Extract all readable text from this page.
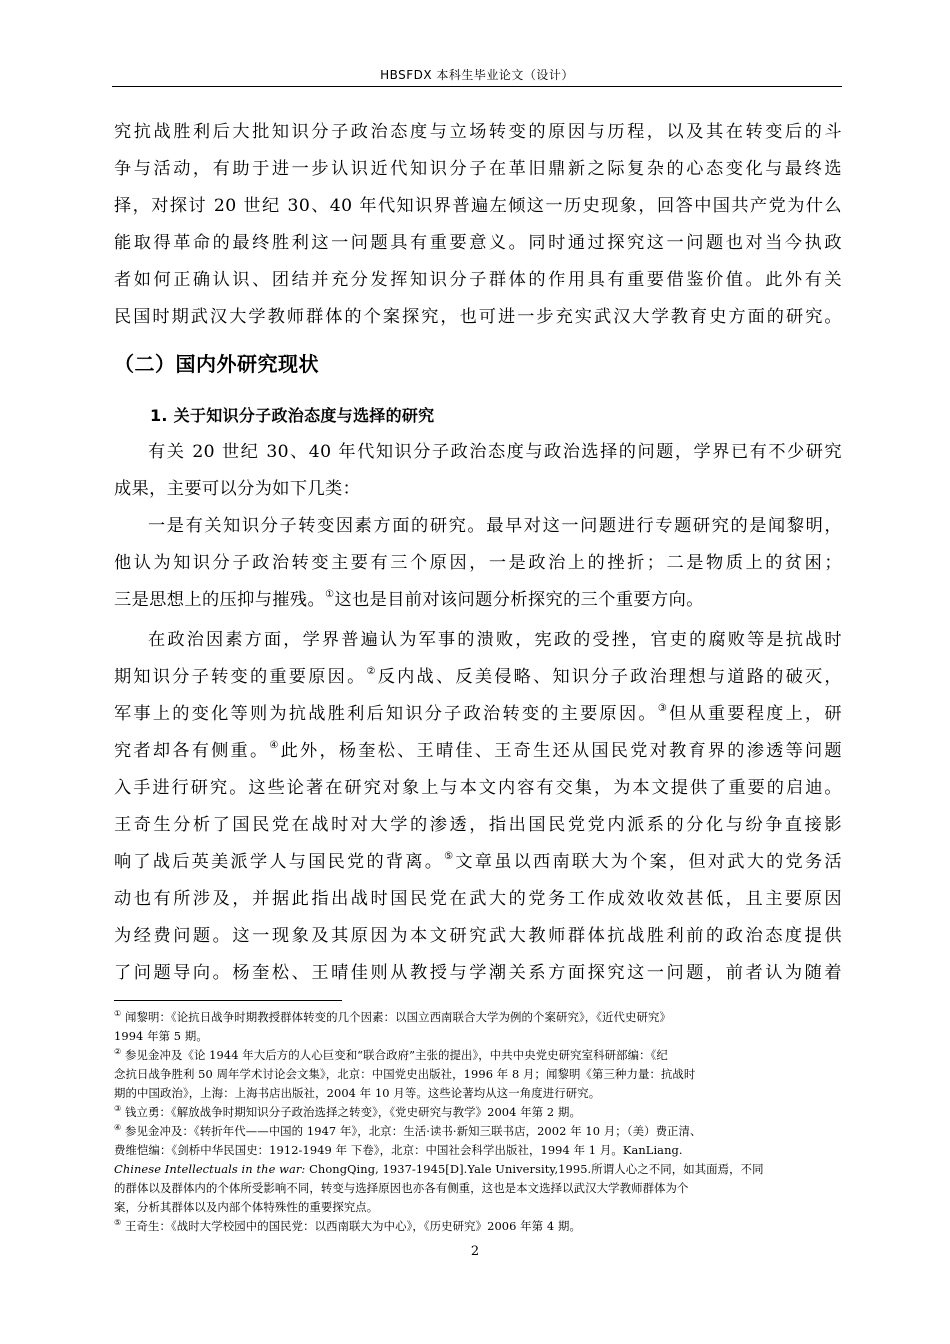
HBSFDX 本科生毕业论文（设计）
究抗战胜利后大批知识分子政治态度与立场转变的原因与历程，以及其在转变后的斗
争与活动，有助于进一步认识近代知识分子在革旧鼎新之际复杂的心态变化与最终选
择，对探讨 20 世纪 30、40 年代知识界普遍左倾这一历史现象，回答中国共产党为什么
能取得革命的最终胜利这一问题具有重要意义。同时通过探究这一问题也对当今执政
者如何正确认识、团结并充分发挥知识分子群体的作用具有重要借鉴价值。此外有关
民国时期武汉大学教师群体的个案探究，也可进一步充实武汉大学教育史方面的研究。
（二）国内外研究现状
1. 关于知识分子政治态度与选择的研究
有关 20 世纪 30、40 年代知识分子政治态度与政治选择的问题，学界已有不少研究
成果，主要可以分为如下几类：
一是有关知识分子转变因素方面的研究。最早对这一问题进行专题研究的是闻黎明，
他认为知识分子政治转变主要有三个原因，一是政治上的挫折；二是物质上的贫困；
三是思想上的压抑与摧残。①这也是目前对该问题分析探究的三个重要方向。
在政治因素方面，学界普遍认为军事的溃败，宪政的受挫，官吏的腐败等是抗战时
期知识分子转变的重要原因。②反内战、反美侵略、知识分子政治理想与道路的破灭，
军事上的变化等则为抗战胜利后知识分子政治转变的主要原因。③但从重要程度上，研
究者却各有侧重。④此外，杨奎松、王晴佳、王奇生还从国民党对教育界的渗透等问题
入手进行研究。这些论著在研究对象上与本文内容有交集，为本文提供了重要的启迪。
王奇生分析了国民党在战时对大学的渗透，指出国民党党内派系的分化与纷争直接影
响了战后英美派学人与国民党的背离。⑤文章虽以西南联大为个案，但对武大的党务活
动也有所涉及，并据此指出战时国民党在武大的党务工作成效收效甚低，且主要原因
为经费问题。这一现象及其原因为本文研究武大教师群体抗战胜利前的政治态度提供
了问题导向。杨奎松、王晴佳则从教授与学潮关系方面探究这一问题，前者认为随着
① 闻黎明：《论抗日战争时期教授群体转变的几个因素：以国立西南联合大学为例的个案研究》，《近代史研究》
1994 年第 5 期。
② 参见金冲及《论 1944 年大后方的人心巨变和“联合政府”主张的提出》，中共中央党史研究室科研部编：《纪
念抗日战争胜利 50 周年学术讨论会文集》，北京：中国党史出版社，1996 年 8 月；闻黎明《第三种力量：抗战时
期的中国政治》，上海：上海书店出版社，2004 年 10 月等。这些论著均从这一角度进行研究。
③ 钱立勇：《解放战争时期知识分子政治选择之转变》，《党史研究与教学》2004 年第 2 期。
④ 参见金冲及：《转折年代——中国的 1947 年》，北京：生活·读书·新知三联书店，2002 年 10 月；（美）费正清、
费维恺编：《剑桥中华民国史：1912-1949 年 下卷》，北京：中国社会科学出版社，1994 年 1 月。KanLiang.
Chinese Intellectuals in the war: ChongQing, 1937-1945[D].Yale University,1995.所谓人心之不同，如其面焉，不同
的群体以及群体内的个体所受影响不同，转变与选择原因也亦各有侧重，这也是本文选择以武汉大学教师群体为个
案，分析其群体以及内部个体特殊性的重要探究点。
⑤ 王奇生：《战时大学校园中的国民党：以西南联大为中心》，《历史研究》2006 年第 4 期。
2
